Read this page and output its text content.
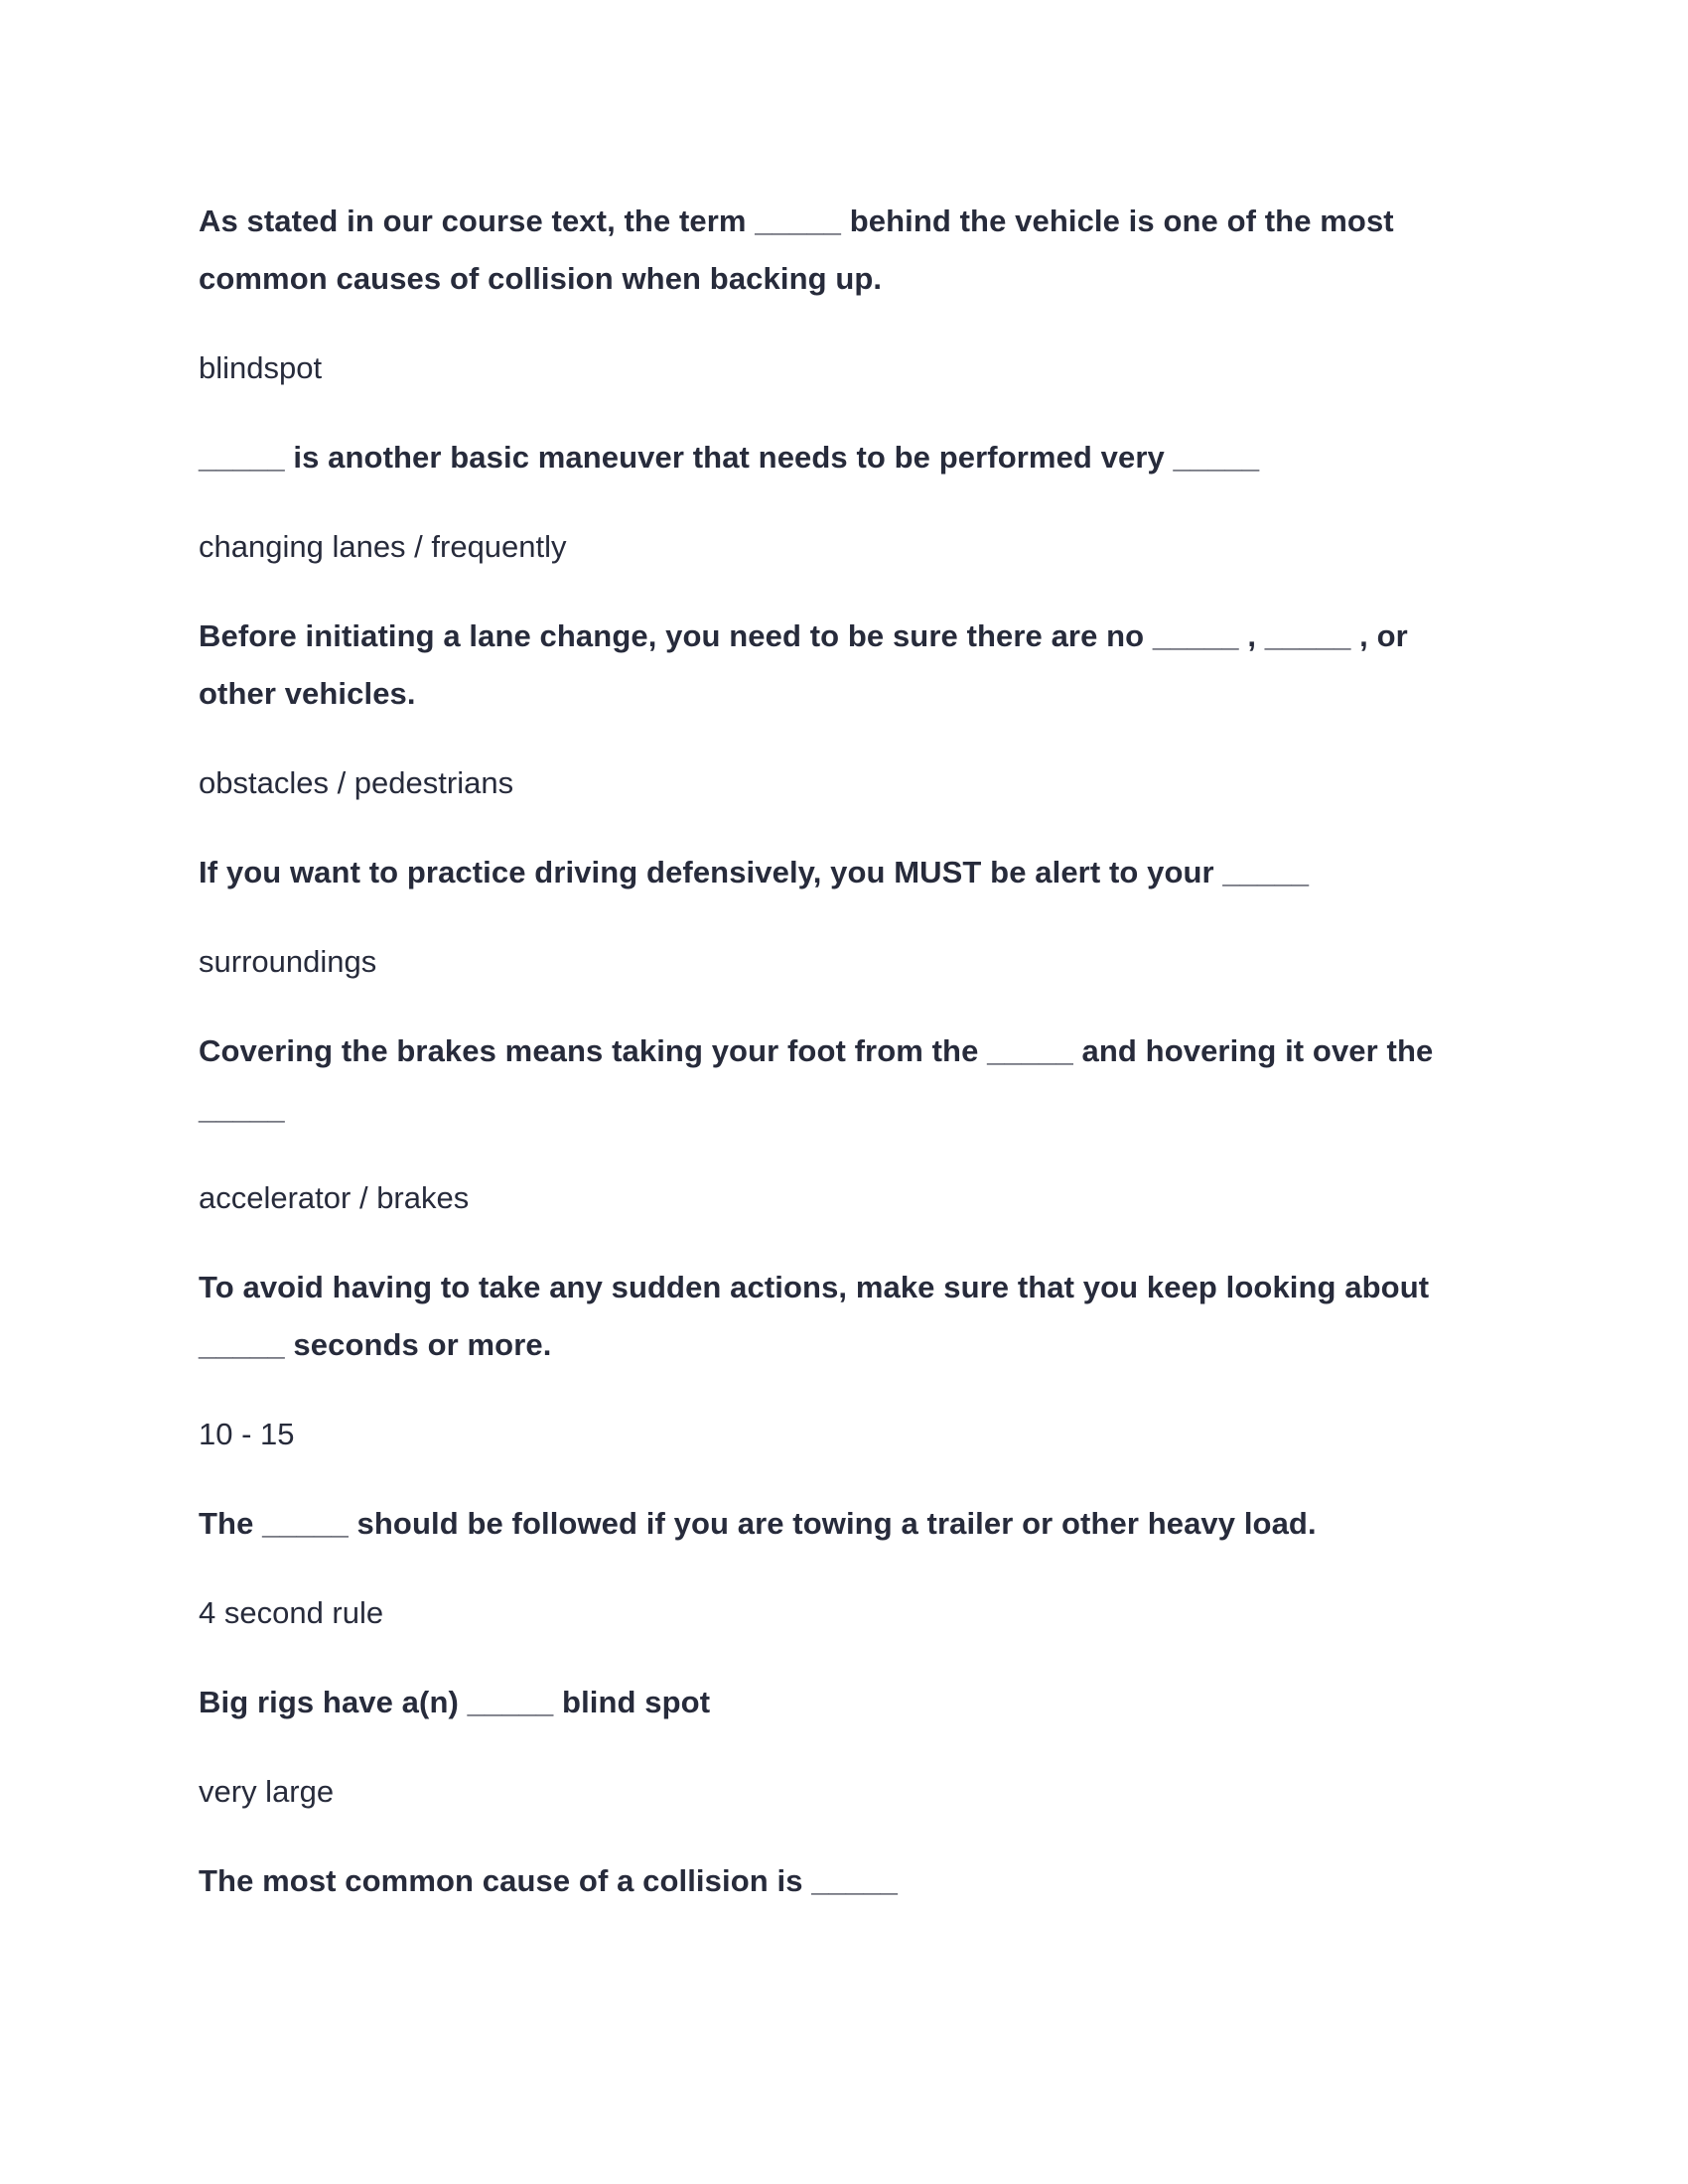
As stated in our course text, the term _____ behind the vehicle is one of the most common causes of collision when backing up.

blindspot

_____ is another basic maneuver that needs to be performed very _____

changing lanes / frequently

Before initiating a lane change, you need to be sure there are no _____ , _____ , or other vehicles.

obstacles / pedestrians

If you want to practice driving defensively, you MUST be alert to your _____

surroundings

Covering the brakes means taking your foot from the _____ and hovering it over the _____

accelerator / brakes

To avoid having to take any sudden actions, make sure that you keep looking about _____ seconds or more.

10 - 15

The _____ should be followed if you are towing a trailer or other heavy load.

4 second rule

Big rigs have a(n) _____ blind spot

very large

The most common cause of a collision is _____
